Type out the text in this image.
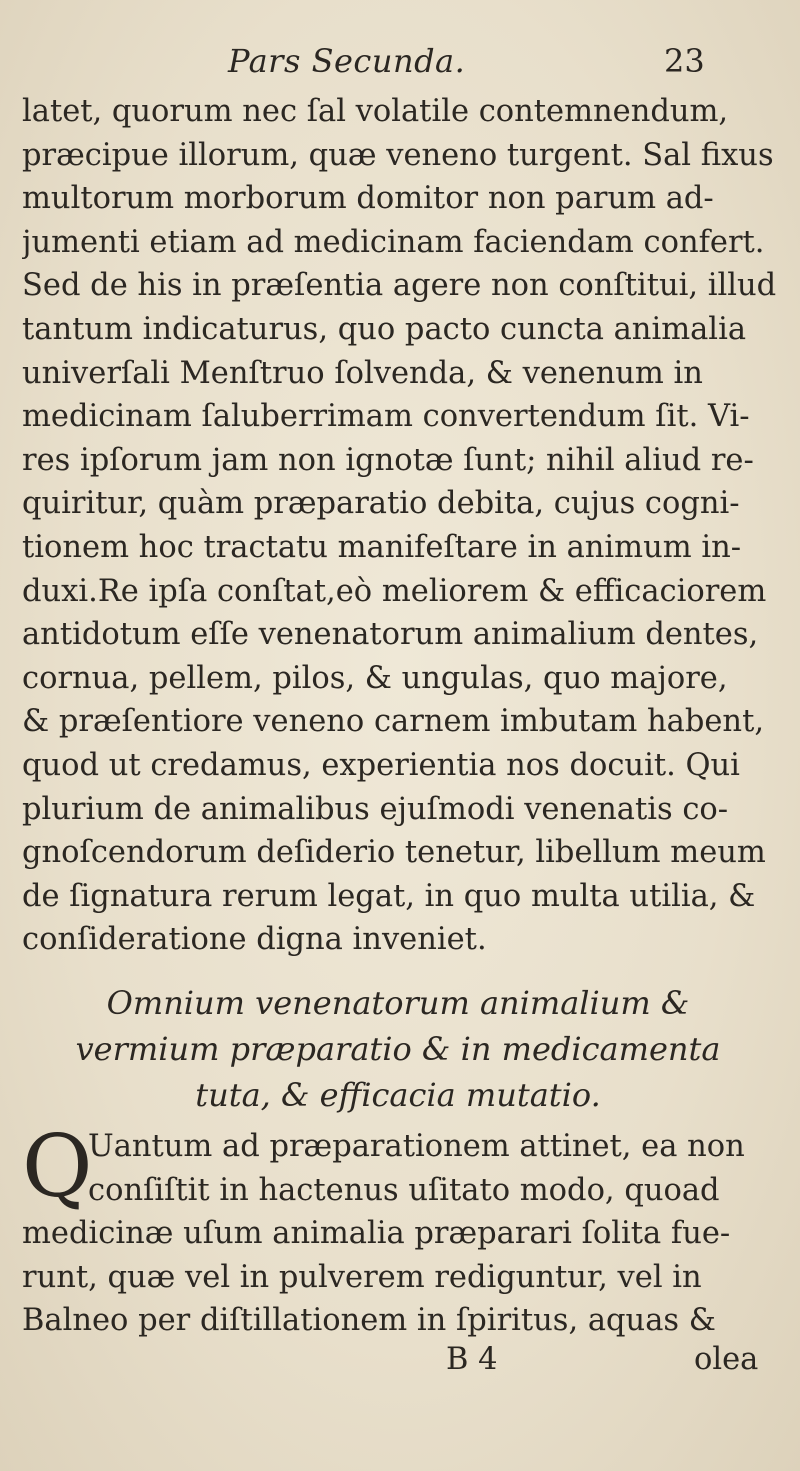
Pars Secunda.	23
latet, quorum nec ſal volatile contemnendum,
præcipue illorum, quæ veneno turgent. Sal fixus
multorum morborum domitor non parum ad-
jumenti etiam ad medicinam faciendam confert.
Sed de his in præſentia agere non conſtitui, illud
tantum indicaturus, quo pacto cuncta animalia
univerſali Menſtruo ſolvenda, & venenum in
medicinam ſaluberrimam convertendum ſit. Vi-
res ipſorum jam non ignotæ ſunt; nihil aliud re-
quiritur, quàm præparatio debita, cujus cogni-
tionem hoc tractatu manifeſtare in animum in-
duxi.Re ipſa conſtat,eò meliorem & efficaciorem
antidotum eſſe venenatorum animalium dentes,
cornua, pellem, pilos, & ungulas, quo majore,
& præſentiore veneno carnem imbutam habent,
quod ut credamus, experientia nos docuit. Qui
plurium de animalibus ejuſmodi venenatis co-
gnoſcendorum deſiderio tenetur, libellum meum
de ſignatura rerum legat, in quo multa utilia, &
conſideratione digna inveniet.
Omnium venenatorum animalium &
vermium præparatio & in medicamenta
tuta, & efficacia mutatio.
Q
Uantum ad præparationem attinet, ea non
conſiſtit in hactenus uſitato modo, quoad
medicinæ uſum animalia præparari ſolita fue-
runt, quæ vel in pulverem rediguntur, vel in
Balneo per diſtillationem in ſpiritus, aquas &
B 4	olea
